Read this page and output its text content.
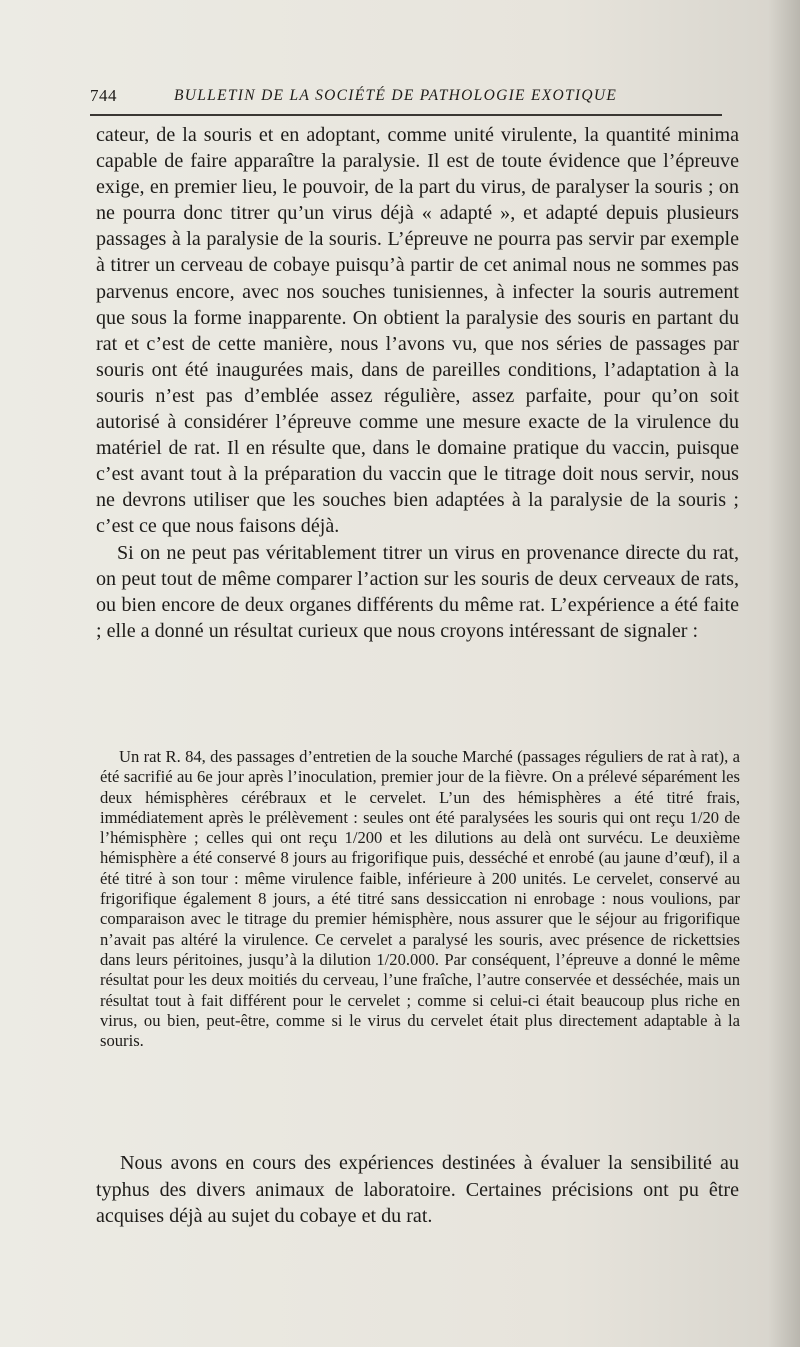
744	BULLETIN DE LA SOCIÉTÉ DE PATHOLOGIE EXOTIQUE

cateur, de la souris et en adoptant, comme unité virulente, la quantité minima capable de faire apparaître la paralysie. Il est de toute évidence que l’épreuve exige, en premier lieu, le pouvoir, de la part du virus, de paralyser la souris ; on ne pourra donc titrer qu’un virus déjà « adapté », et adapté depuis plusieurs passages à la paralysie de la souris. L’épreuve ne pourra pas servir par exemple à titrer un cerveau de cobaye puisqu’à partir de cet animal nous ne sommes pas parvenus encore, avec nos souches tunisiennes, à infecter la souris autrement que sous la forme inapparente. On obtient la paralysie des souris en partant du rat et c’est de cette manière, nous l’avons vu, que nos séries de passages par souris ont été inaugurées mais, dans de pareilles conditions, l’adaptation à la souris n’est pas d’emblée assez régulière, assez parfaite, pour qu’on soit autorisé à considérer l’épreuve comme une mesure exacte de la virulence du matériel de rat. Il en résulte que, dans le domaine pratique du vaccin, puisque c’est avant tout à la préparation du vaccin que le titrage doit nous servir, nous ne devrons utiliser que les souches bien adaptées à la paralysie de la souris ; c’est ce que nous faisons déjà.

Si on ne peut pas véritablement titrer un virus en provenance directe du rat, on peut tout de même comparer l’action sur les souris de deux cerveaux de rats, ou bien encore de deux organes différents du même rat. L’expérience a été faite ; elle a donné un résultat curieux que nous croyons intéressant de signaler :

Un rat R. 84, des passages d’entretien de la souche Marché (passages réguliers de rat à rat), a été sacrifié au 6e jour après l’inoculation, premier jour de la fièvre. On a prélevé séparément les deux hémisphères cérébraux et le cervelet. L’un des hémisphères a été titré frais, immédiatement après le prélèvement : seules ont été paralysées les souris qui ont reçu 1/20 de l’hémisphère ; celles qui ont reçu 1/200 et les dilutions au delà ont survécu. Le deuxième hémisphère a été conservé 8 jours au frigorifique puis, desséché et enrobé (au jaune d’œuf), il a été titré à son tour : même virulence faible, inférieure à 200 unités. Le cervelet, conservé au frigorifique également 8 jours, a été titré sans dessiccation ni enrobage : nous voulions, par comparaison avec le titrage du premier hémisphère, nous assurer que le séjour au frigorifique n’avait pas altéré la virulence. Ce cervelet a paralysé les souris, avec présence de rickettsies dans leurs péritoines, jusqu’à la dilution 1/20.000. Par conséquent, l’épreuve a donné le même résultat pour les deux moitiés du cerveau, l’une fraîche, l’autre conservée et desséchée, mais un résultat tout à fait différent pour le cervelet ; comme si celui-ci était beaucoup plus riche en virus, ou bien, peut-être, comme si le virus du cervelet était plus directement adaptable à la souris.

Nous avons en cours des expériences destinées à évaluer la sensibilité au typhus des divers animaux de laboratoire. Certaines précisions ont pu être acquises déjà au sujet du cobaye et du rat.
